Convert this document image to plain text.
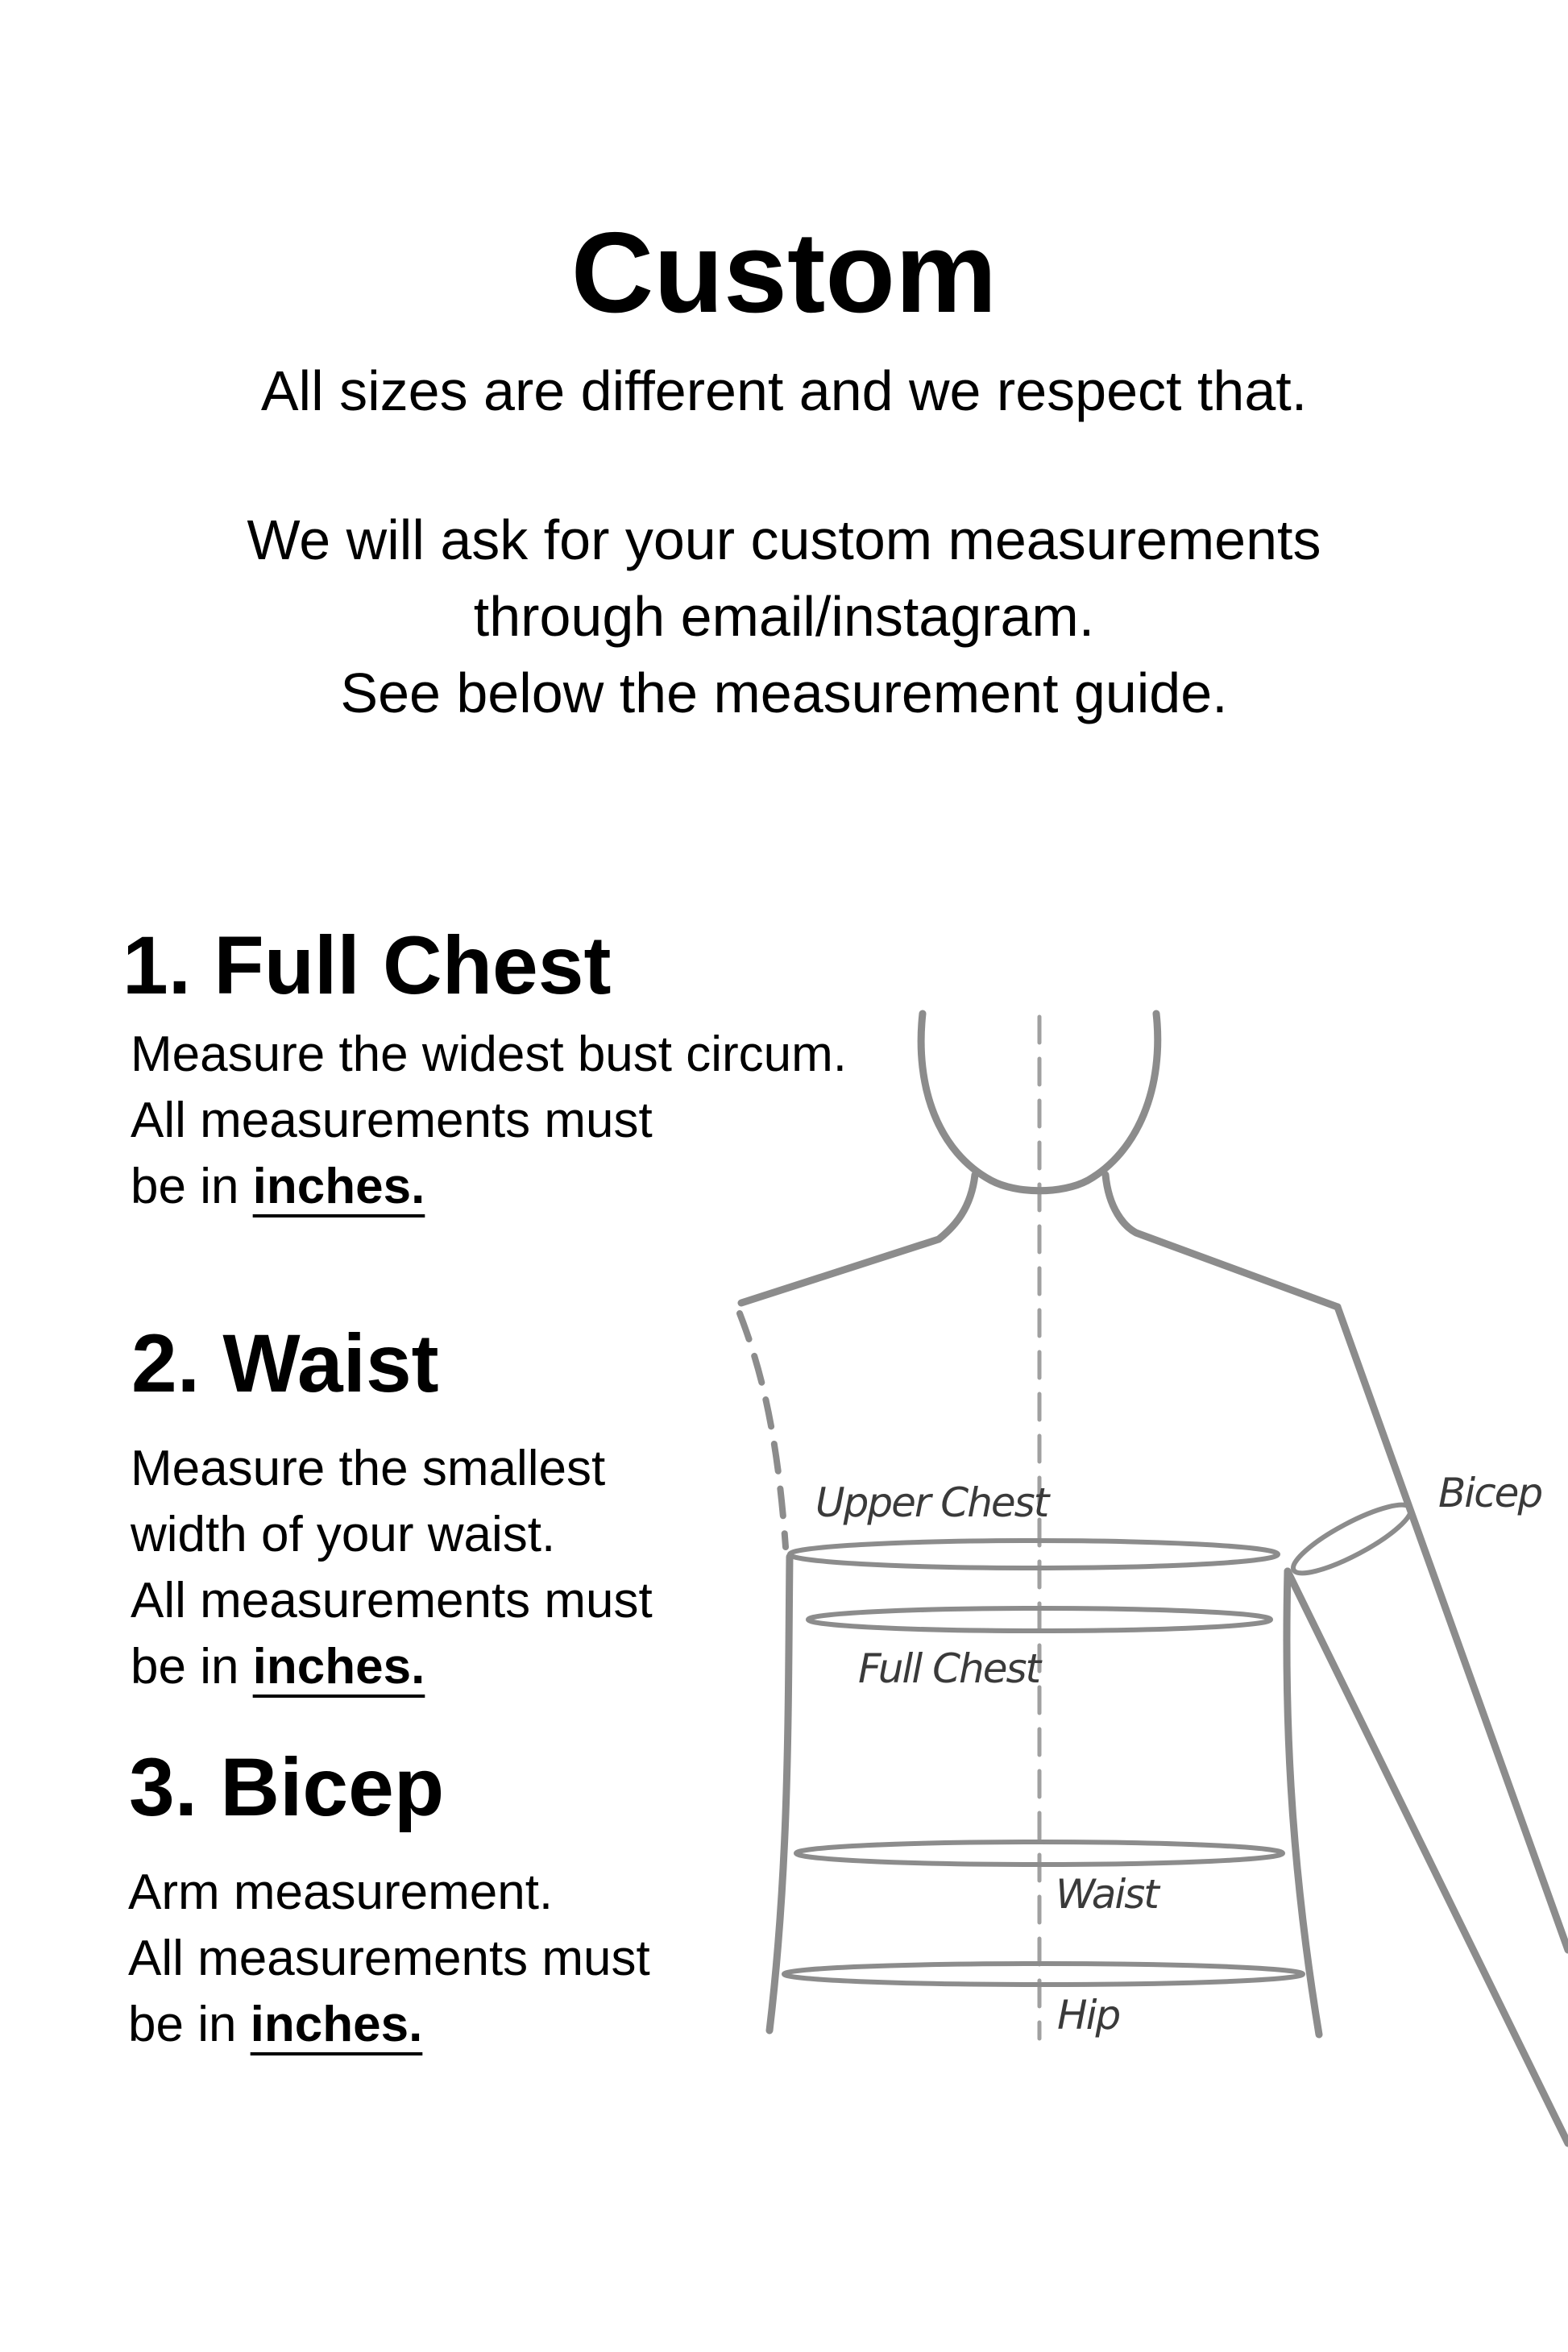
Custom
All sizes are different and we respect that.
We will ask for your custom measurements
through email/instagram.
See below the measurement guide.
Upper Chest
Full Chest
Waist
Hip
Bicep
1. Full Chest
Measure the widest bust circum.
All measurements must
be in inches.
2. Waist
Measure the smallest
width of your waist.
All measurements must
be in inches.
3. Bicep
Arm measurement.
All measurements must
be in inches.
